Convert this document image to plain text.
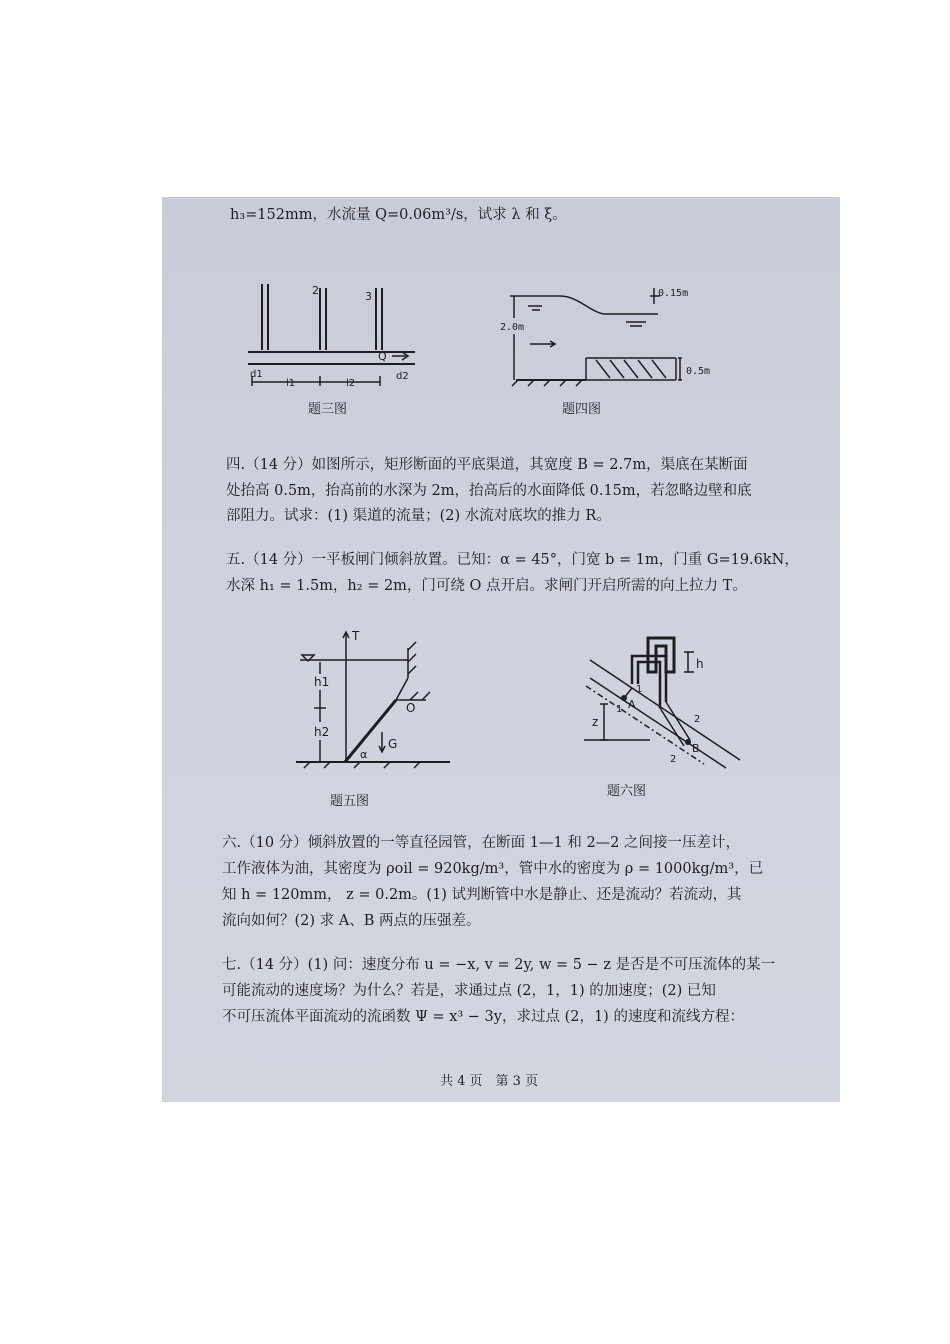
h₃=152mm，水流量 Q=0.06m³/s，试求 λ 和 ξ。
2	3
Q
d1	d2
l1	l2
题三图
0.15m
2.0m
0.5m
题四图
四.（14 分）如图所示，矩形断面的平底渠道，其宽度 B = 2.7m，渠底在某断面
处抬高 0.5m，抬高前的水深为 2m，抬高后的水面降低 0.15m，若忽略边壁和底
部阻力。试求：(1) 渠道的流量；(2) 水流对底坎的推力 R。
五.（14 分）一平板闸门倾斜放置。已知：α = 45°，门宽 b = 1m，门重 G=19.6kN，
水深 h₁ = 1.5m，h₂ = 2m，门可绕 O 点开启。求闸门开启所需的向上拉力 T。
T
h1
h2
O
G
α
题五图
h
A
B
z
1
1
2
2
题六图
六.（10 分）倾斜放置的一等直径园管，在断面 1—1 和 2—2 之间接一压差计，
工作液体为油，其密度为 ρoil = 920kg/m³，管中水的密度为 ρ = 1000kg/m³，已
知 h = 120mm， z = 0.2m。(1) 试判断管中水是静止、还是流动？若流动，其
流向如何？(2) 求 A、B 两点的压强差。
七.（14 分）(1) 问：速度分布 u = −x, v = 2y, w = 5 − z 是否是不可压流体的某一
可能流动的速度场？为什么？若是，求通过点 (2，1，1) 的加速度；(2) 已知
不可压流体平面流动的流函数 Ψ = x³ − 3y，求过点 (2，1) 的速度和流线方程：
共 4 页　第 3 页
